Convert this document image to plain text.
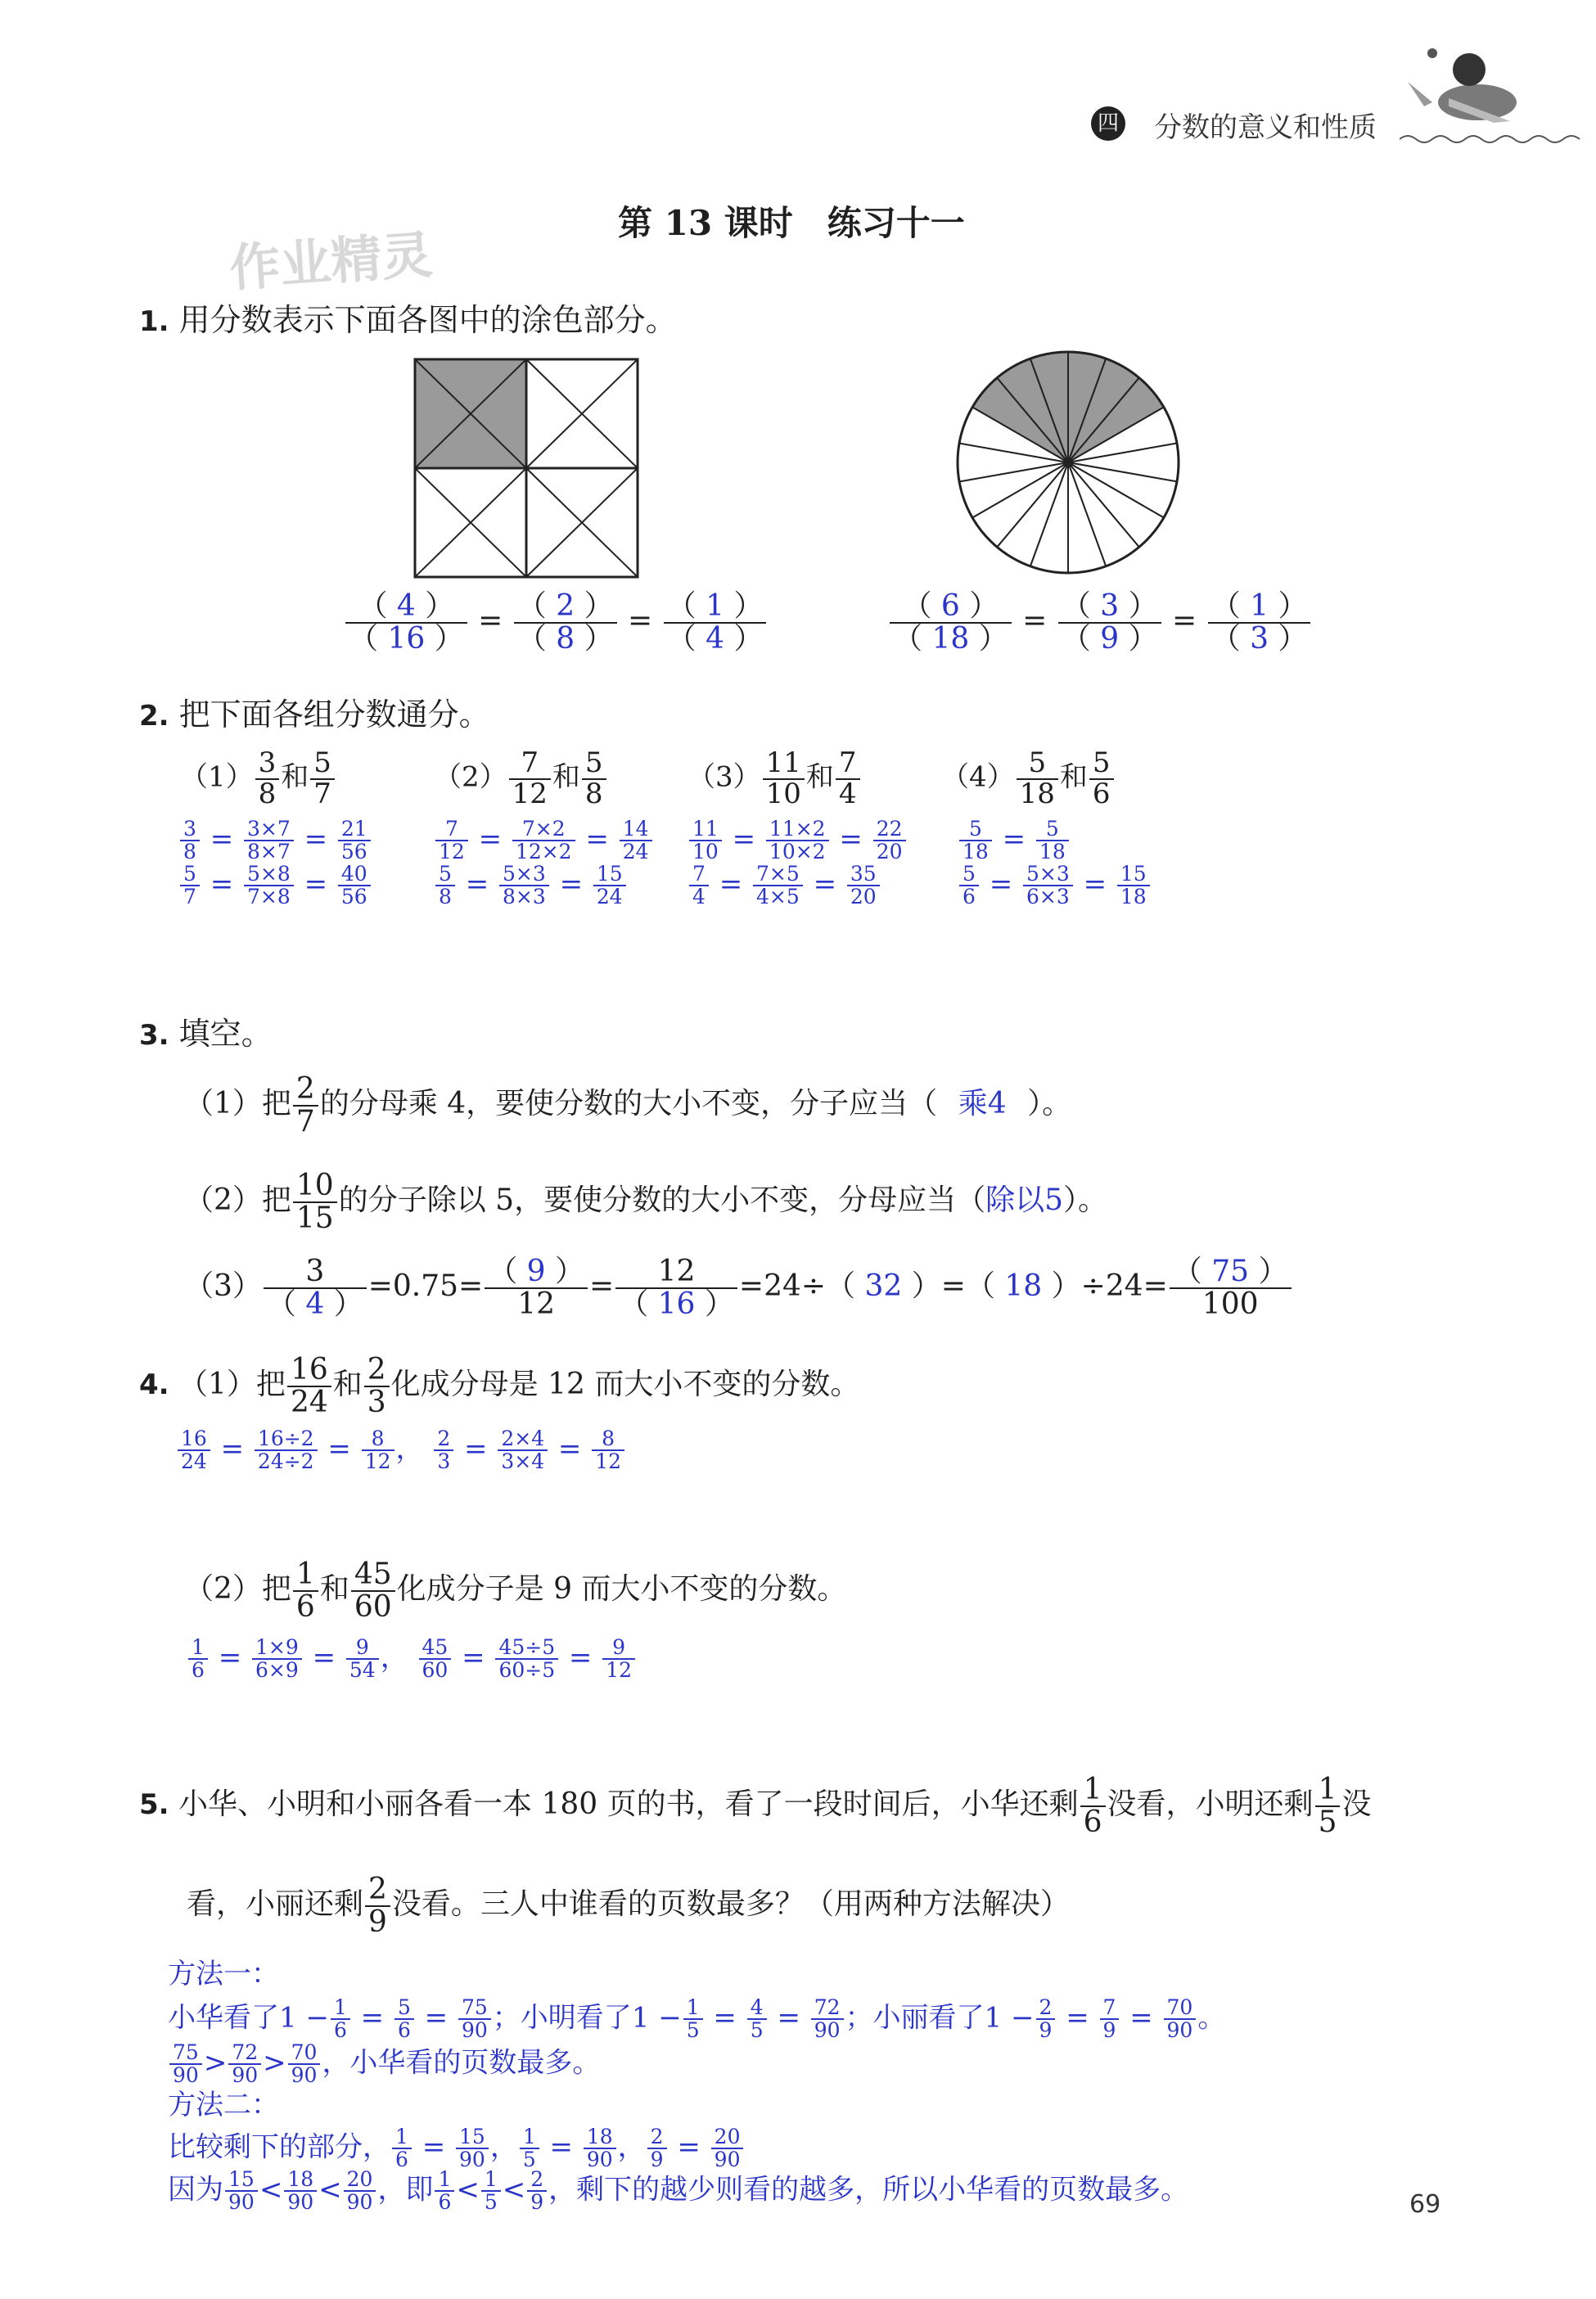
四 分数的意义和性质
作业精灵
第 13 课时　练习十一
1. 用分数表示下面各图中的涂色部分。
$\frac{( 4 )}{( 16 )} = \frac{( 2 )}{( 8 )} = \frac{( 1 )}{( 4 )}$	$\frac{( 6 )}{( 18 )} = \frac{( 3 )}{( 9 )} = \frac{( 1 )}{( 3 )}$
2. 把下面各组分数通分。
$(1) \frac{3}{8}$ 和 $\frac{5}{7}$	$(2) \frac{7}{12}$ 和 $\frac{5}{8}$	$(3) \frac{11}{10}$ 和 $\frac{7}{4}$	$(4) \frac{5}{18}$ 和 $\frac{5}{6}$
$\frac{3}{8} = \frac{3\times 7}{8\times 7} = \frac{21}{56}$
$\frac{5}{7} = \frac{5\times 8}{7\times 8} = \frac{40}{56}$
$\frac{7}{12} = \frac{7\times 2}{12\times 2} = \frac{14}{24}$
$\frac{5}{8} = \frac{5\times 3}{8\times 3} = \frac{15}{24}$
$\frac{11}{10} = \frac{11\times 2}{10\times 2} = \frac{22}{20}$
$\frac{7}{4} = \frac{7\times 5}{4\times 5} = \frac{35}{20}$
$\frac{5}{18} = \frac{5}{18}$
$\frac{5}{6} = \frac{5\times 3}{6\times 3} = \frac{15}{18}$
3. 填空。
（1）把 $\frac{2}{7}$ 的分母乘 4，要使分数的大小不变，分子应当（ 乘4 ）。
（2）把 $\frac{10}{15}$ 的分子除以 5，要使分数的大小不变，分母应当（除以5）。
$(3) \frac{3}{( 4 )} =0.75= \frac{( 9 )}{12} = \frac{12}{( 16 )} =24\div$（ 32 ）=（ 18 ）$\div 24= \frac{( 75 )}{100}$
4. （1）把 $\frac{16}{24}$ 和 $\frac{2}{3}$ 化成分母是 12 而大小不变的分数。
$\frac{16}{24} = \frac{16\div 2}{24\div 2} = \frac{8}{12}$ ， $\frac{2}{3} = \frac{2\times 4}{3\times 4} = \frac{8}{12}$
（2）把 $\frac{1}{6}$ 和 $\frac{45}{60}$ 化成分子是 9 而大小不变的分数。
$\frac{1}{6} = \frac{1\times 9}{6\times 9} = \frac{9}{54}$ ， $\frac{45}{60} = \frac{45\div 5}{60\div 5} = \frac{9}{12}$
5. 小华、小明和小丽各看一本 180 页的书，看了一段时间后，小华还剩 $\frac{1}{6}$ 没看，小明还剩 $\frac{1}{5}$ 没
看，小丽还剩 $\frac{2}{9}$ 没看。三人中谁看的页数最多？（用两种方法解决）
方法一：
小华看了$1 - \frac{1}{6} = \frac{5}{6} = \frac{75}{90}$ ；小明看了$1 - \frac{1}{5} = \frac{4}{5} = \frac{72}{90}$ ；小丽看了$1 - \frac{2}{9} = \frac{7}{9} = \frac{70}{90}$ 。
$\frac{75}{90} > \frac{72}{90} > \frac{70}{90}$ ，小华看的页数最多。
方法二：
比较剩下的部分， $\frac{1}{6} = \frac{15}{90}$ ， $\frac{1}{5} = \frac{18}{90}$ ， $\frac{2}{9} = \frac{20}{90}$
因为 $\frac{15}{90} < \frac{18}{90} < \frac{20}{90}$ ，即 $\frac{1}{6} < \frac{1}{5} < \frac{2}{9}$ ，剩下的越少则看的越多，所以小华看的页数最多。	69
